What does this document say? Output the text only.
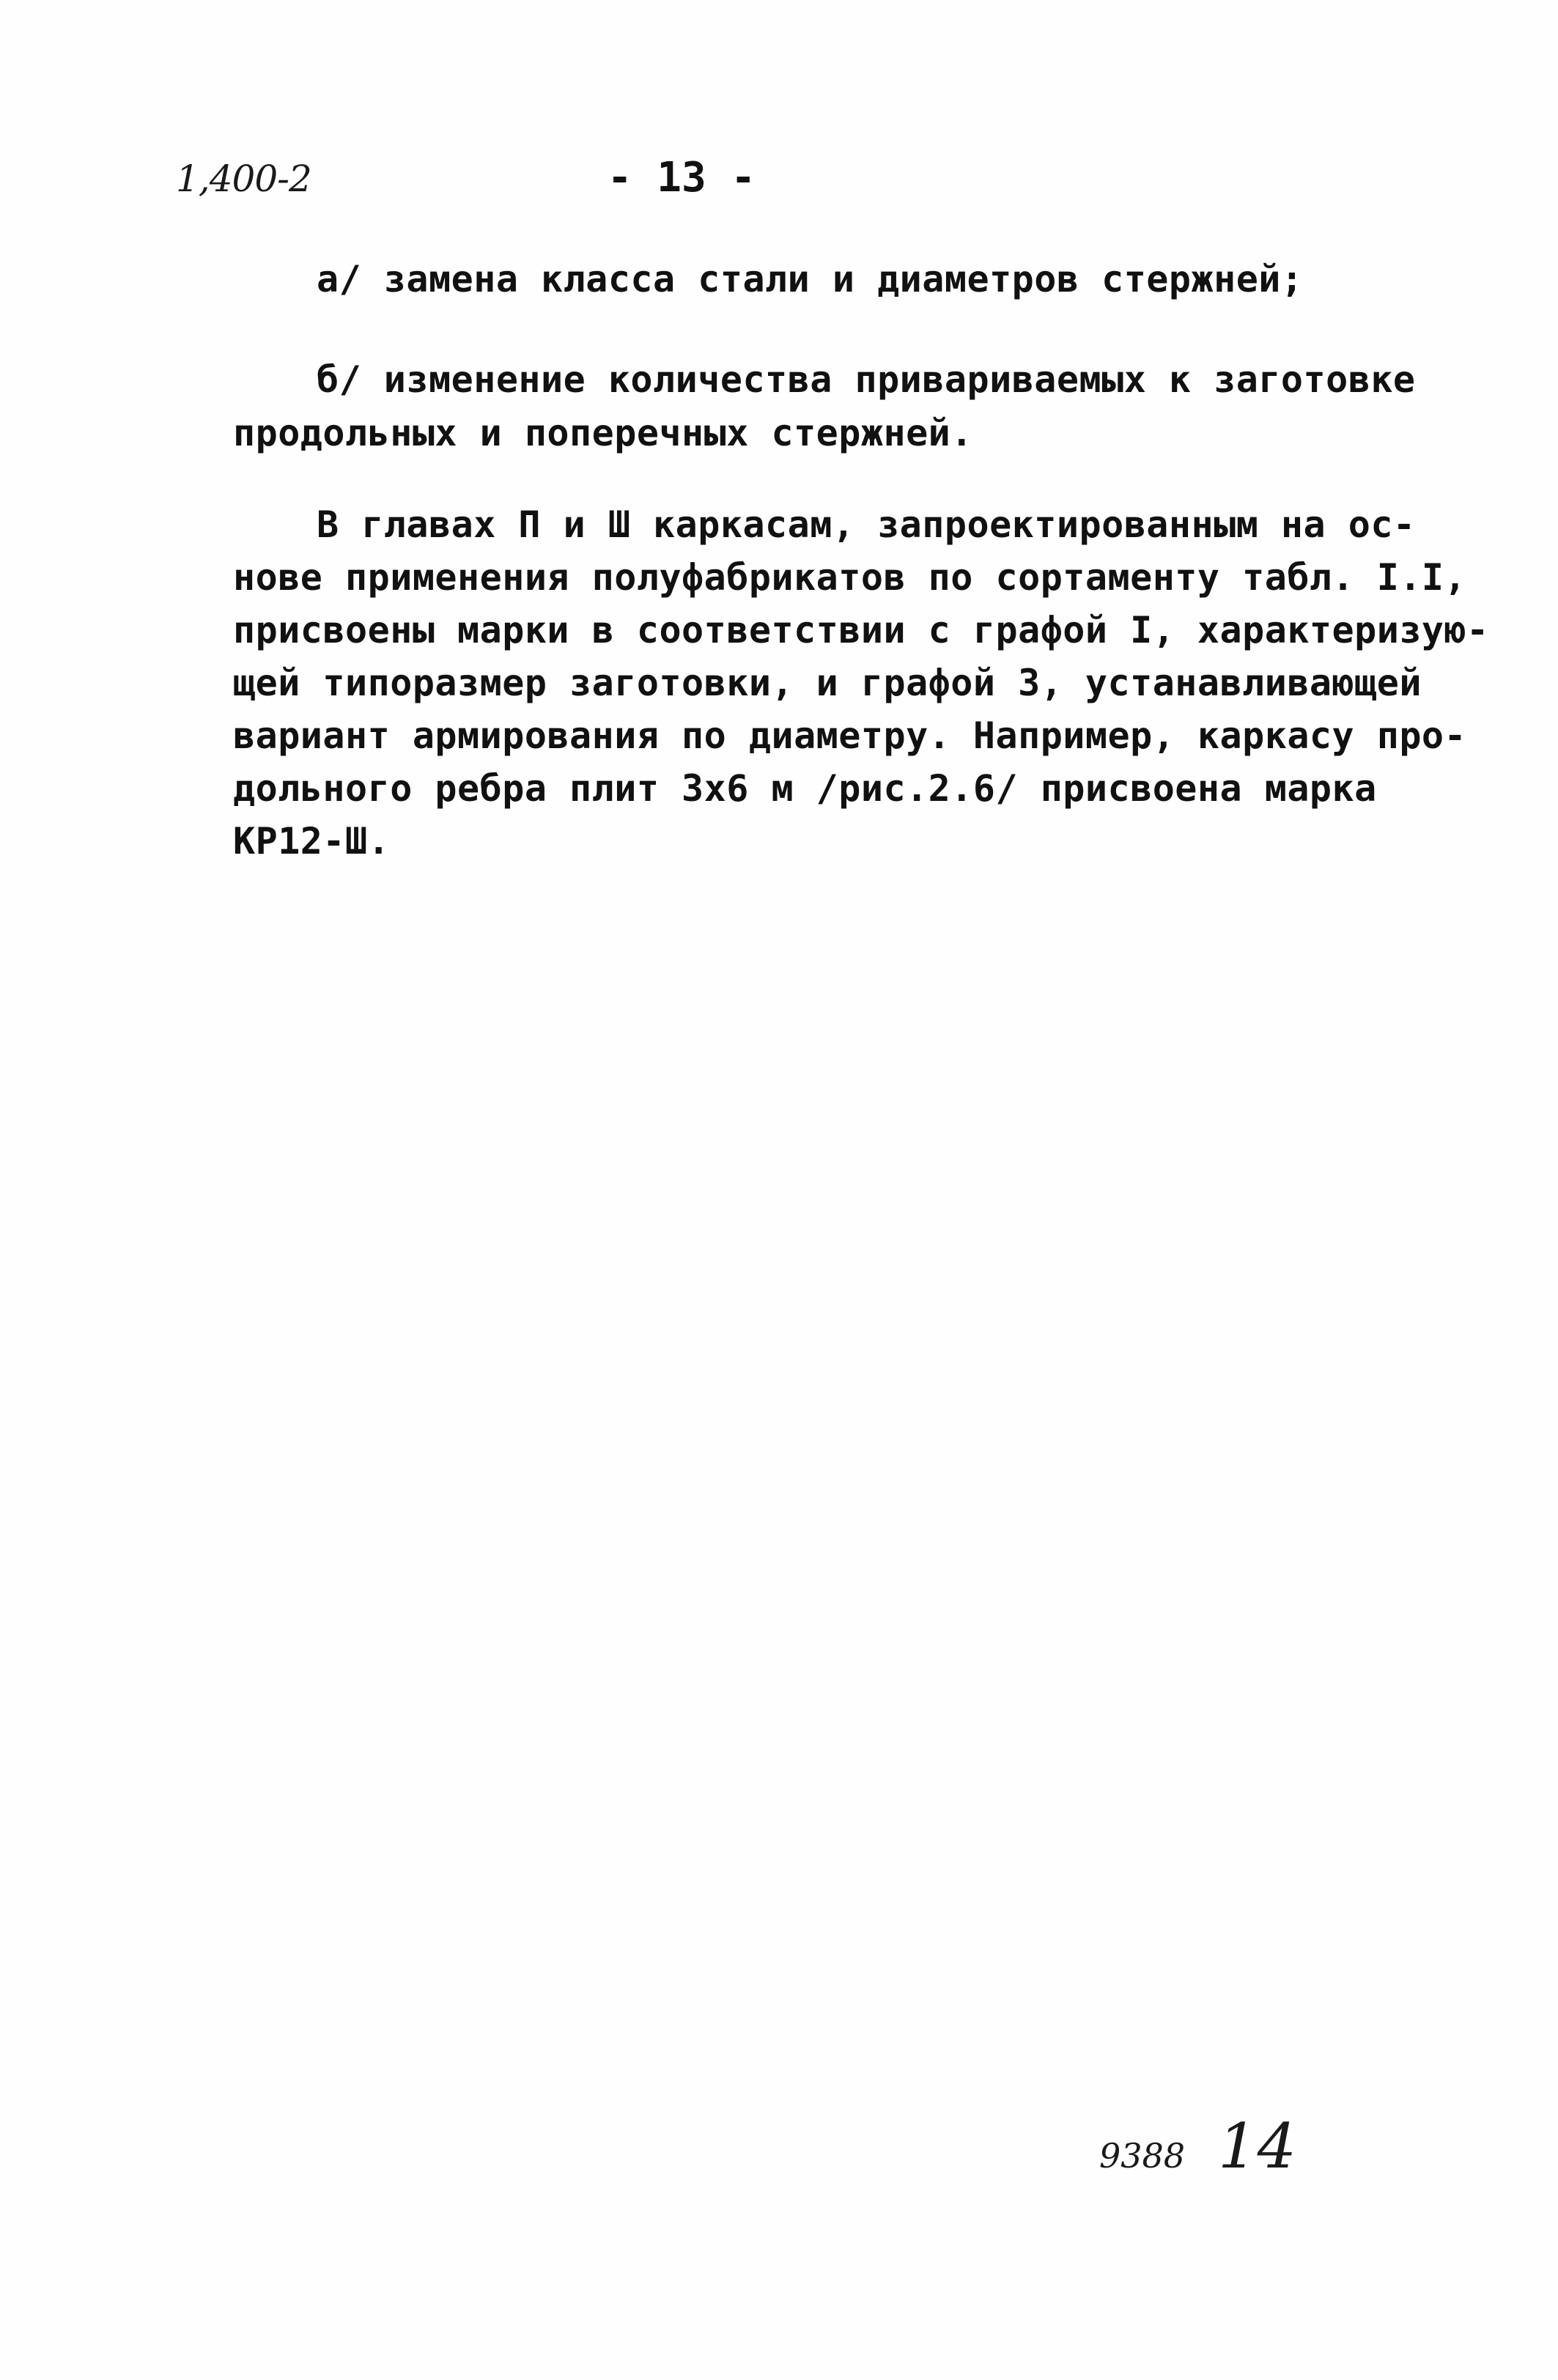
1,400-2	- 13 -
а/ замена класса стали и диаметров стержней;
б/ изменение количества привариваемых к заготовке
продольных и поперечных стержней.
В главах П и Ш каркасам, запроектированным на ос-
нове применения полуфабрикатов по сортаменту табл. I.I,
присвоены марки в соответствии с графой I, характеризую-
щей типоразмер заготовки, и графой 3, устанавливающей
вариант армирования по диаметру. Например, каркасу про-
дольного ребра плит 3х6 м /рис.2.6/ присвоена марка
КР12-Ш.
9388 14
